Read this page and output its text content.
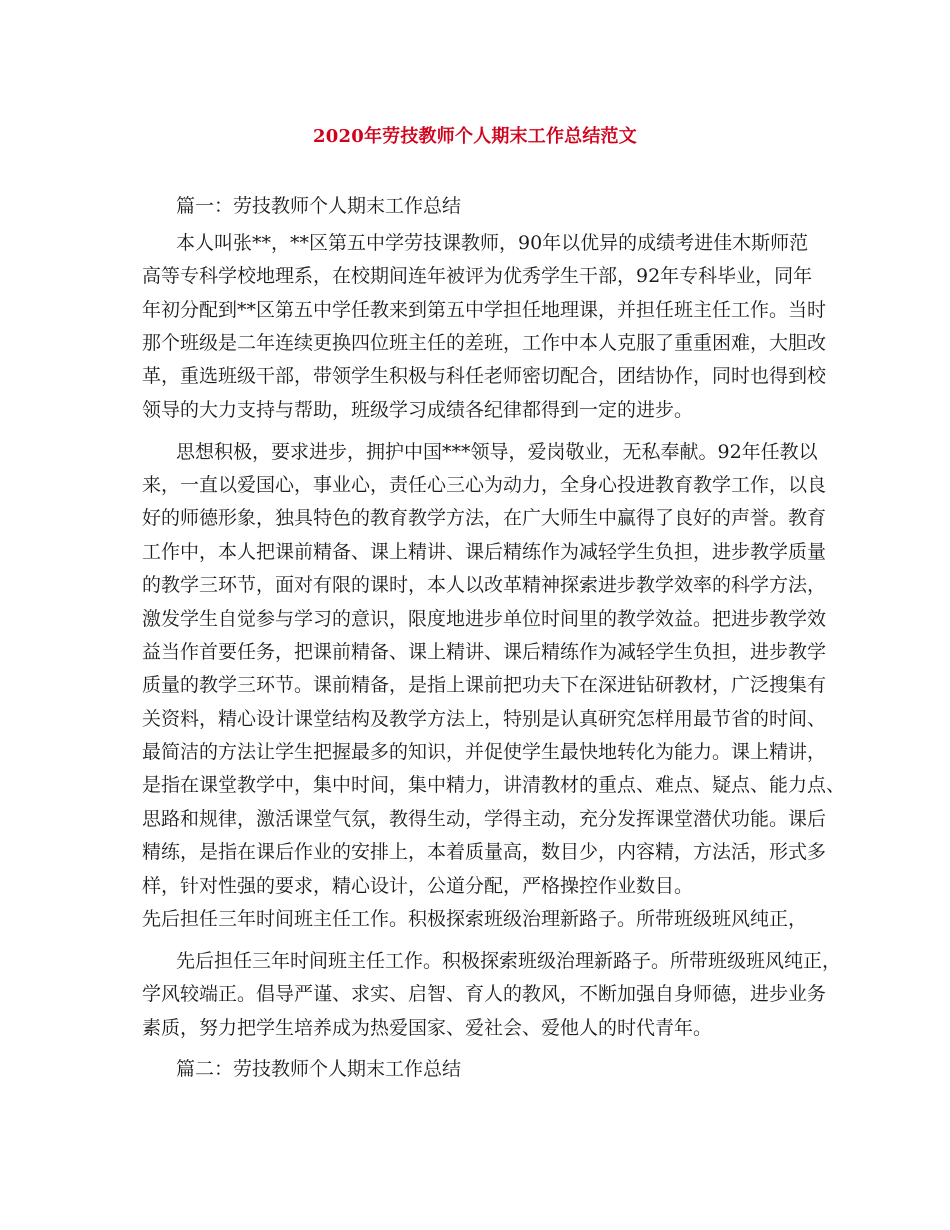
2020年劳技教师个人期末工作总结范文
篇一：劳技教师个人期末工作总结
本人叫张**，**区第五中学劳技课教师，90年以优异的成绩考进佳木斯师范
高等专科学校地理系，在校期间连年被评为优秀学生干部，92年专科毕业，同年
年初分配到**区第五中学任教来到第五中学担任地理课，并担任班主任工作。当时
那个班级是二年连续更换四位班主任的差班，工作中本人克服了重重困难，大胆改
革，重选班级干部，带领学生积极与科任老师密切配合，团结协作，同时也得到校
领导的大力支持与帮助，班级学习成绩各纪律都得到一定的进步。
思想积极，要求进步，拥护中国***领导，爱岗敬业，无私奉献。92年任教以
来，一直以爱国心，事业心，责任心三心为动力，全身心投进教育教学工作，以良
好的师德形象，独具特色的教育教学方法，在广大师生中赢得了良好的声誉。教育
工作中，本人把课前精备、课上精讲、课后精练作为减轻学生负担，进步教学质量
的教学三环节，面对有限的课时，本人以改革精神探索进步教学效率的科学方法，
激发学生自觉参与学习的意识，限度地进步单位时间里的教学效益。把进步教学效
益当作首要任务，把课前精备、课上精讲、课后精练作为减轻学生负担，进步教学
质量的教学三环节。课前精备，是指上课前把功夫下在深进钻研教材，广泛搜集有
关资料，精心设计课堂结构及教学方法上，特别是认真研究怎样用最节省的时间、
最简洁的方法让学生把握最多的知识，并促使学生最快地转化为能力。课上精讲，
是指在课堂教学中，集中时间，集中精力，讲清教材的重点、难点、疑点、能力点、
思路和规律，激活课堂气氛，教得生动，学得主动，充分发挥课堂潜伏功能。课后
精练，是指在课后作业的安排上，本着质量高，数目少，内容精，方法活，形式多
样，针对性强的要求，精心设计，公道分配，严格操控作业数目。
先后担任三年时间班主任工作。积极探索班级治理新路子。所带班级班风纯正，
先后担任三年时间班主任工作。积极探索班级治理新路子。所带班级班风纯正，
学风较端正。倡导严谨、求实、启智、育人的教风，不断加强自身师德，进步业务
素质，努力把学生培养成为热爱国家、爱社会、爱他人的时代青年。
篇二：劳技教师个人期末工作总结
